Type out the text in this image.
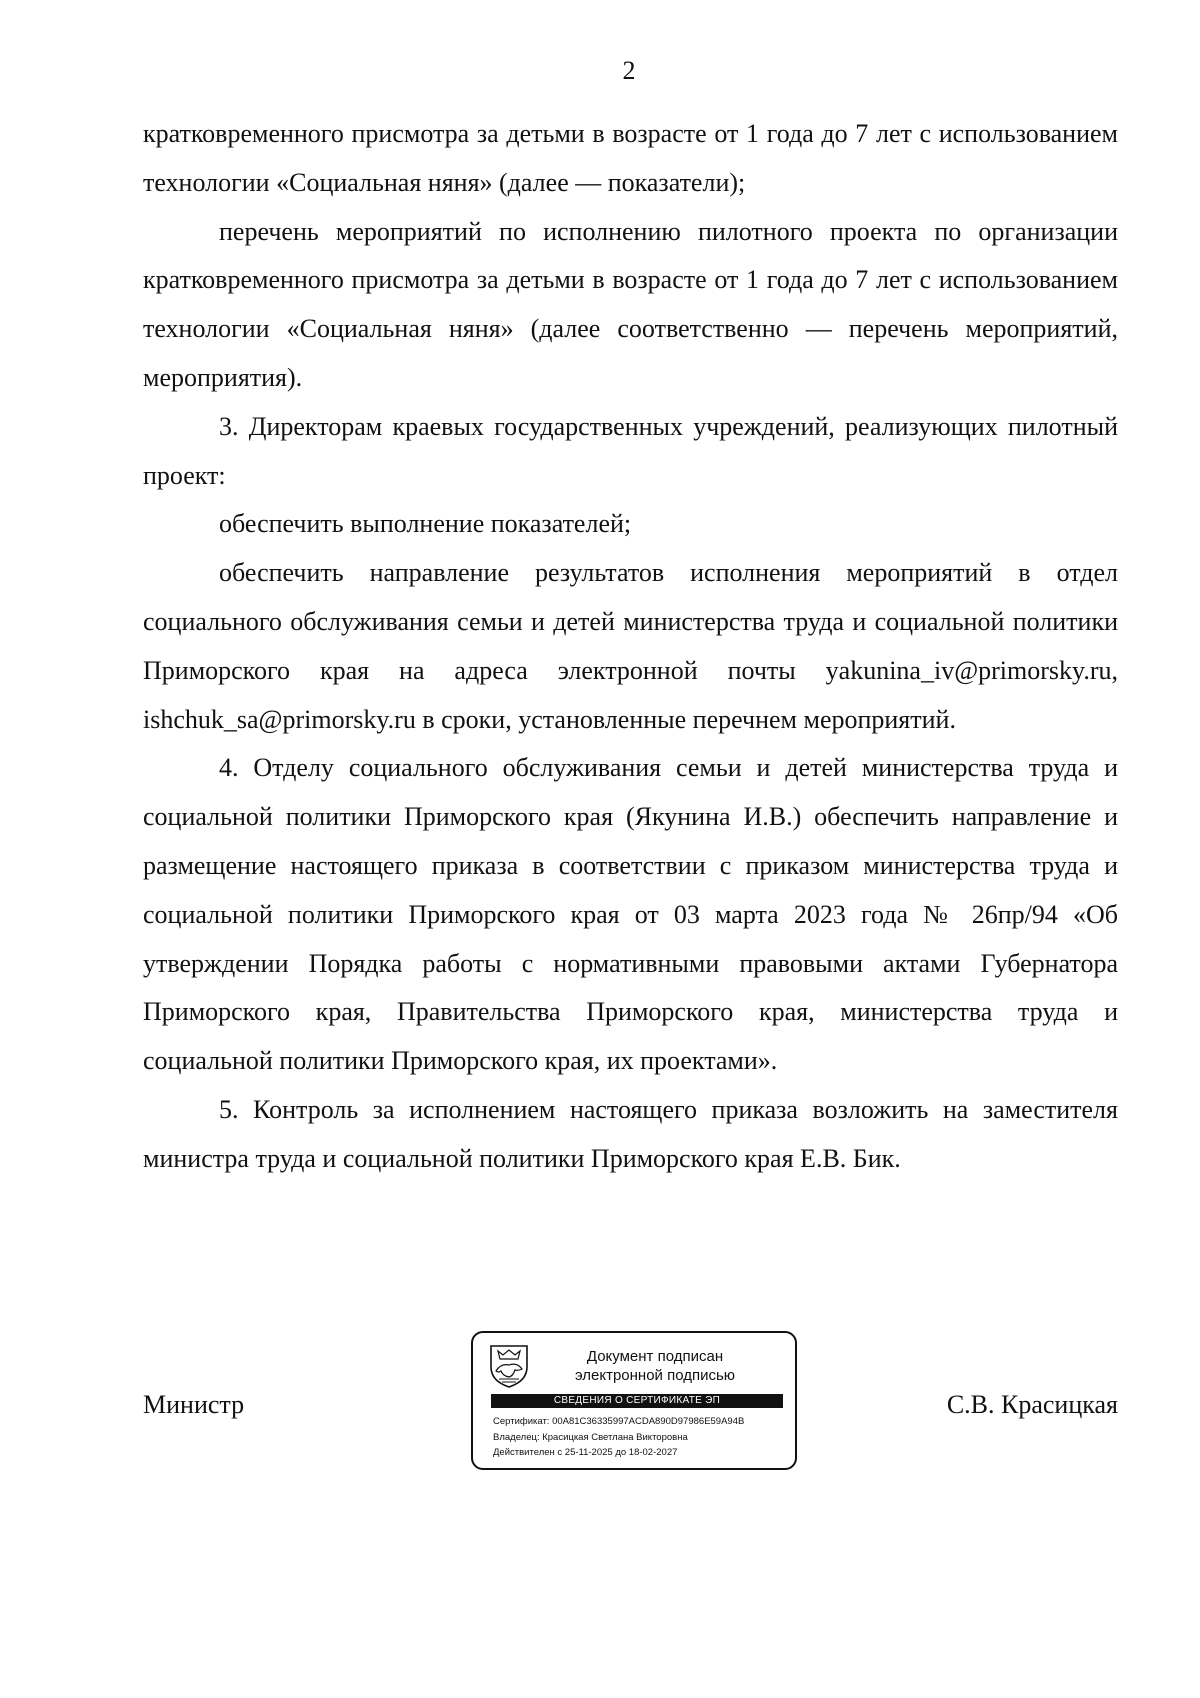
2

кратковременного присмотра за детьми в возрасте от 1 года до 7 лет с использованием технологии «Социальная няня» (далее — показатели);

перечень мероприятий по исполнению пилотного проекта по организации кратковременного присмотра за детьми в возрасте от 1 года до 7 лет с использованием технологии «Социальная няня» (далее соответственно — перечень мероприятий, мероприятия).

3. Директорам краевых государственных учреждений, реализующих пилотный проект:

обеспечить выполнение показателей;

обеспечить направление результатов исполнения мероприятий в отдел социального обслуживания семьи и детей министерства труда и социальной политики Приморского края на адреса электронной почты yakunina_iv@primorsky.ru, ishchuk_sa@primorsky.ru в сроки, установленные перечнем мероприятий.

4. Отделу социального обслуживания семьи и детей министерства труда и социальной политики Приморского края (Якунина И.В.) обеспечить направление и размещение настоящего приказа в соответствии с приказом министерства труда и социальной политики Приморского края от 03 марта 2023 года № 26пр/94 «Об утверждении Порядка работы с нормативными правовыми актами Губернатора Приморского края, Правительства Приморского края, министерства труда и социальной политики Приморского края, их проектами».

5. Контроль за исполнением настоящего приказа возложить на заместителя министра труда и социальной политики Приморского края Е.В. Бик.

Министр	С.В. Красицкая
Документ подписан
электронной подписью
СВЕДЕНИЯ О СЕРТИФИКАТЕ ЭП
Сертификат: 00A81C36335997ACDA890D97986E59A94B
Владелец: Красицкая Светлана Викторовна
Действителен с 25-11-2025 до 18-02-2027
